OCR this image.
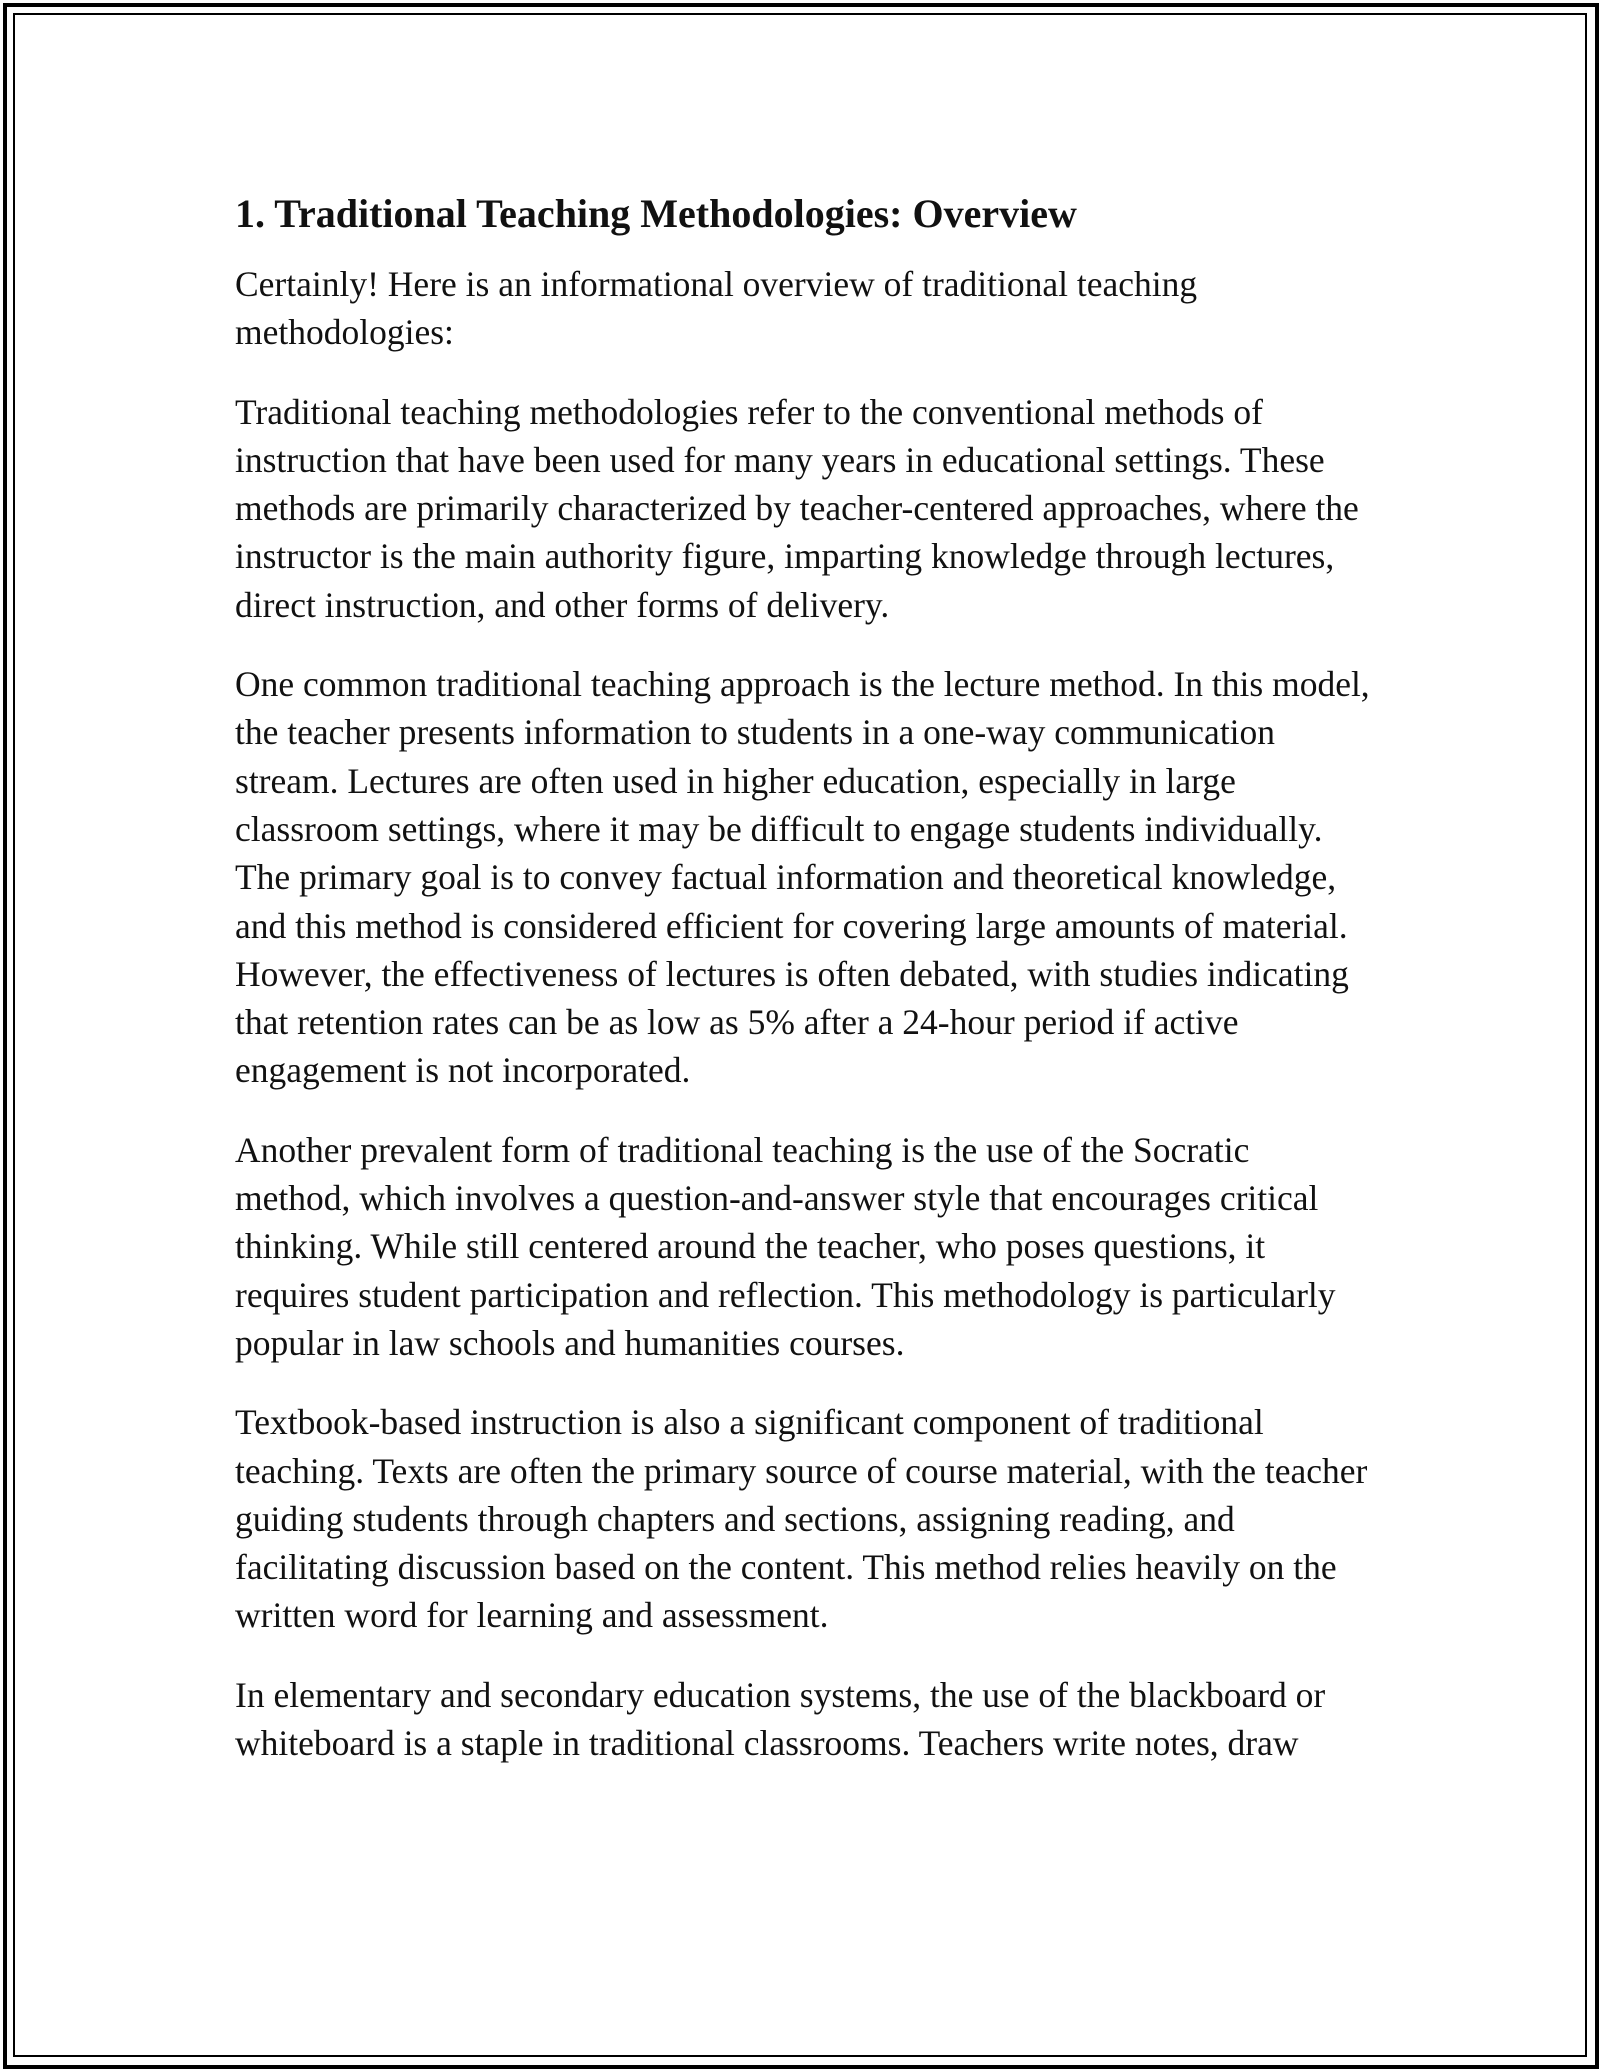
1. Traditional Teaching Methodologies: Overview

Certainly! Here is an informational overview of traditional teaching methodologies:

Traditional teaching methodologies refer to the conventional methods of instruction that have been used for many years in educational settings. These methods are primarily characterized by teacher-centered approaches, where the instructor is the main authority figure, imparting knowledge through lectures, direct instruction, and other forms of delivery.

One common traditional teaching approach is the lecture method. In this model, the teacher presents information to students in a one-way communication stream. Lectures are often used in higher education, especially in large classroom settings, where it may be difficult to engage students individually. The primary goal is to convey factual information and theoretical knowledge, and this method is considered efficient for covering large amounts of material. However, the effectiveness of lectures is often debated, with studies indicating that retention rates can be as low as 5% after a 24-hour period if active engagement is not incorporated.

Another prevalent form of traditional teaching is the use of the Socratic method, which involves a question-and-answer style that encourages critical thinking. While still centered around the teacher, who poses questions, it requires student participation and reflection. This methodology is particularly popular in law schools and humanities courses.

Textbook-based instruction is also a significant component of traditional teaching. Texts are often the primary source of course material, with the teacher guiding students through chapters and sections, assigning reading, and facilitating discussion based on the content. This method relies heavily on the written word for learning and assessment.

In elementary and secondary education systems, the use of the blackboard or whiteboard is a staple in traditional classrooms. Teachers write notes, draw
